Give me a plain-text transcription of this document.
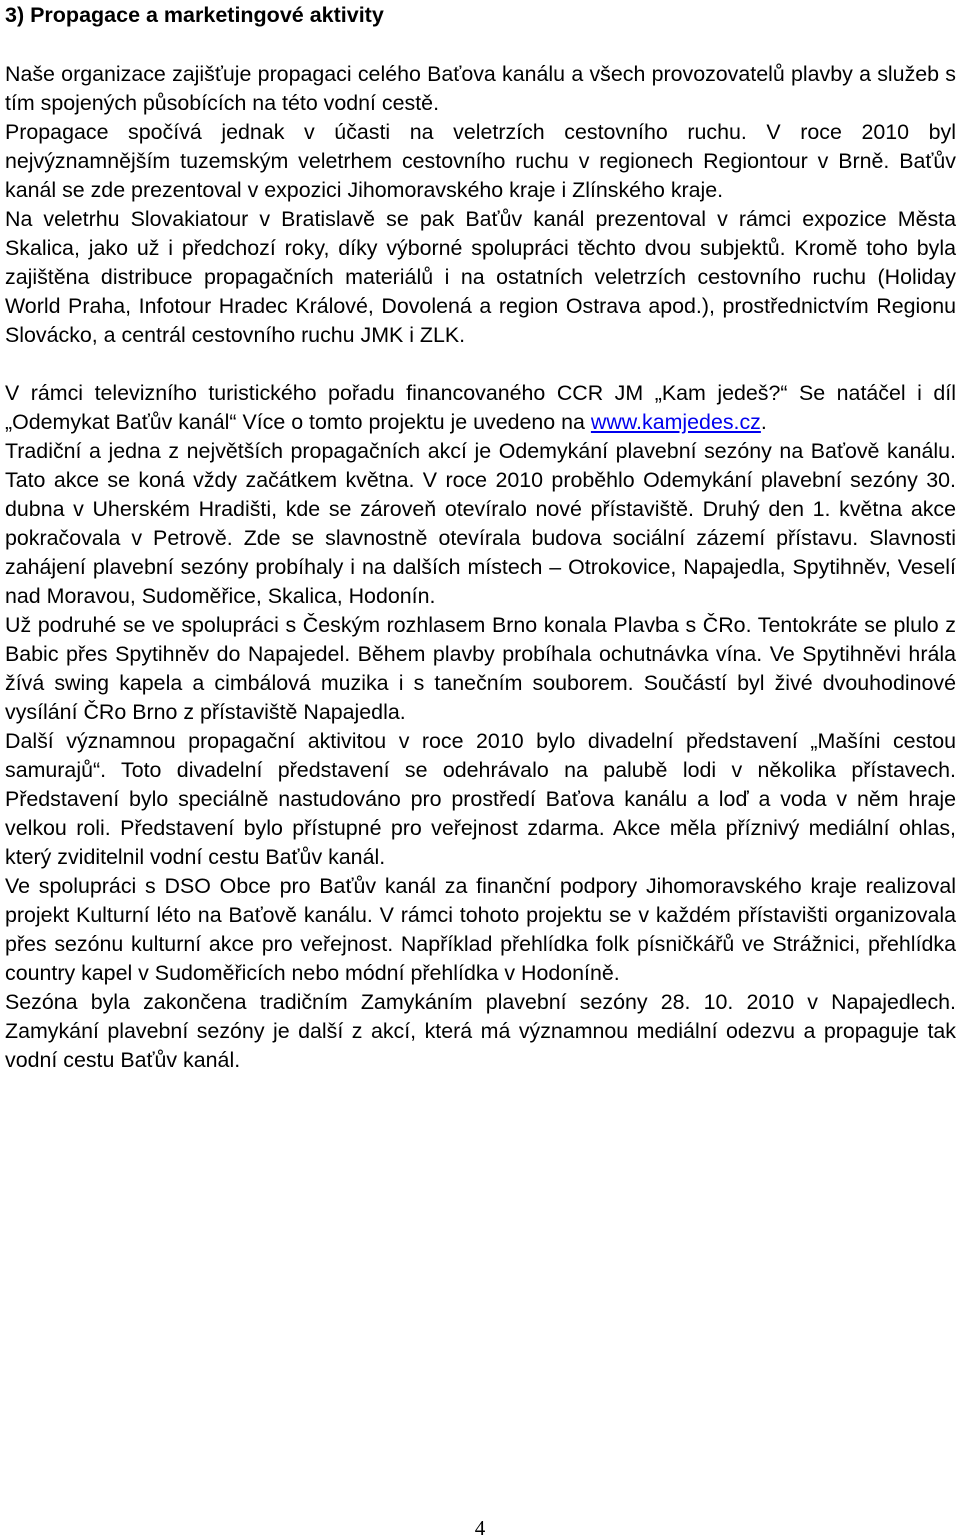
3) Propagace a marketingové aktivity

Naše organizace zajišťuje propagaci celého Baťova kanálu a všech provozovatelů plavby a služeb s tím spojených působících na této vodní cestě.

Propagace spočívá jednak v účasti na veletrzích cestovního ruchu. V roce 2010 byl nejvýznamnějším tuzemským veletrhem cestovního ruchu v regionech Regiontour v Brně. Baťův kanál se zde prezentoval v expozici Jihomoravského kraje i Zlínského kraje.

Na veletrhu Slovakiatour v Bratislavě se pak Baťův kanál prezentoval v rámci expozice Města Skalica, jako už i předchozí roky, díky výborné spolupráci těchto dvou subjektů. Kromě toho byla zajištěna distribuce propagačních materiálů i na ostatních veletrzích cestovního ruchu (Holiday World Praha, Infotour Hradec Králové, Dovolená a region Ostrava apod.), prostřednictvím Regionu Slovácko, a centrál cestovního ruchu JMK i ZLK.

V rámci televizního turistického pořadu financovaného CCR JM „Kam jedeš?“ Se natáčel i díl „Odemykat Baťův kanál“ Více o tomto projektu je uvedeno na www.kamjedes.cz.

Tradiční a jedna z největších propagačních akcí je Odemykání plavební sezóny na Baťově kanálu. Tato akce se koná vždy začátkem května. V roce 2010 proběhlo Odemykání plavební sezóny 30. dubna v Uherském Hradišti, kde se zároveň otevíralo nové přístaviště. Druhý den 1. května akce pokračovala v Petrově. Zde se slavnostně otevírala budova sociální zázemí přístavu. Slavnosti zahájení plavební sezóny probíhaly i na dalších místech – Otrokovice, Napajedla, Spytihněv, Veselí nad Moravou, Sudoměřice, Skalica, Hodonín.

Už podruhé se ve spolupráci s Českým rozhlasem Brno konala Plavba s ČRo. Tentokráte se plulo z Babic přes Spytihněv do Napajedel. Během plavby probíhala ochutnávka vína. Ve Spytihněvi hrála žívá swing kapela a cimbálová muzika i s tanečním souborem. Součástí byl živé dvouhodinové vysílání ČRo Brno z přístaviště Napajedla.

Další významnou propagační aktivitou v roce 2010 bylo divadelní představení „Mašíni cestou samurajů“. Toto divadelní představení se odehrávalo na palubě lodi v několika přístavech. Představení bylo speciálně nastudováno pro prostředí Baťova kanálu a loď a voda v něm hraje velkou roli. Představení bylo přístupné pro veřejnost zdarma. Akce měla příznivý mediální ohlas, který zviditelnil vodní cestu Baťův kanál.

Ve spolupráci s DSO Obce pro Baťův kanál za finanční podpory Jihomoravského kraje realizoval projekt Kulturní léto na Baťově kanálu. V rámci tohoto projektu se v každém přístavišti organizovala přes sezónu kulturní akce pro veřejnost. Například přehlídka folk písničkářů ve Strážnici, přehlídka country kapel v Sudoměřicích nebo módní přehlídka v Hodoníně.

Sezóna byla zakončena tradičním Zamykáním plavební sezóny 28. 10. 2010 v Napajedlech. Zamykání plavební sezóny je další z akcí, která má významnou mediální odezvu a propaguje tak vodní cestu Baťův kanál.

4
